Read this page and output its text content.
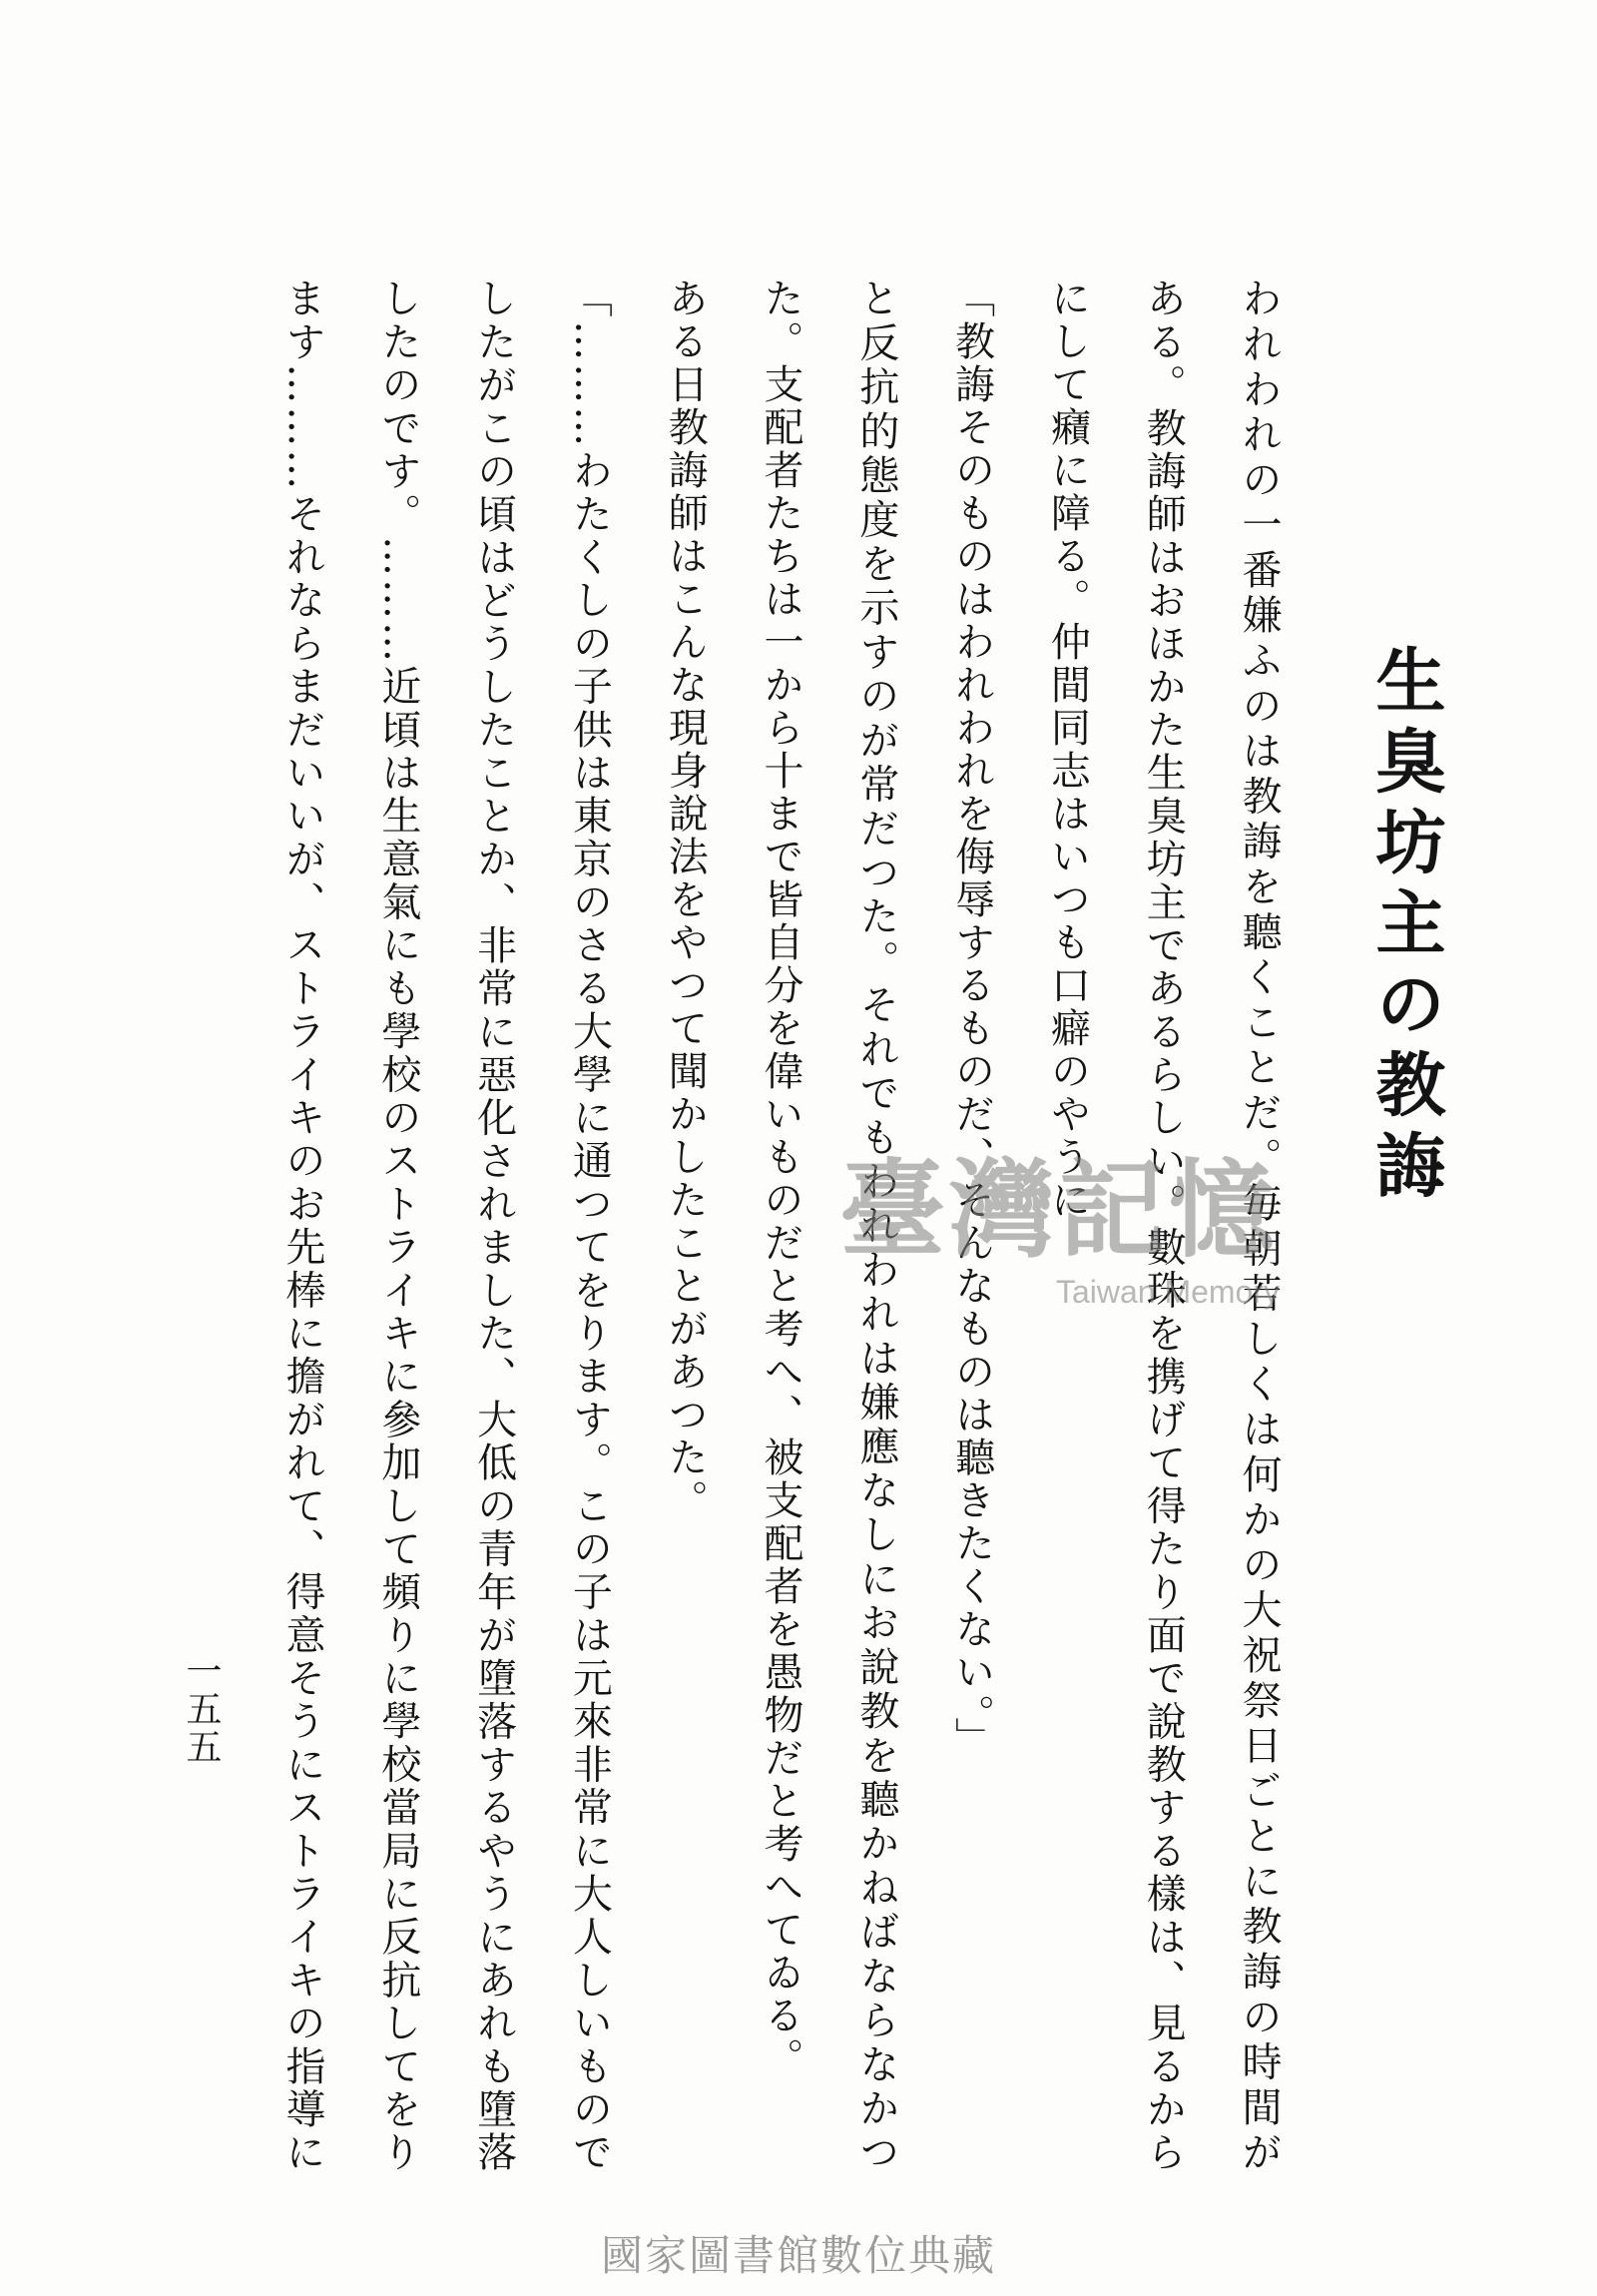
生臭坊主の教誨
われわれの一番嫌ふのは教誨を聽くことだ。毎朝若しくは何かの大祝祭日ごとに教誨の時間が
ある。教誨師はおほかた生臭坊主であるらしい。數珠を携げて得たり面で說教する樣は、見るから
にして癪に障る。仲間同志はいつも口癖のやうに
「教誨そのものはわれわれを侮辱するものだ、そんなものは聽きたくない。」
と反抗的態度を示すのが常だつた。それでもわれわれは嫌應なしにお說教を聽かねばならなかつ
た。支配者たちは一から十まで皆自分を偉いものだと考へ、被支配者を愚物だと考へてゐる。
ある日教誨師はこんな現身說法をやつて聞かしたことがあつた。
「………わたくしの子供は東京のさる大學に通つてをります。この子は元來非常に大人しいもので
したがこの頃はどうしたことか、非常に惡化されました、大低の青年が墮落するやうにあれも墮落
したのです。………近頃は生意氣にも學校のストライキに參加して頻りに學校當局に反抗してをり
ます………それならまだいいが、ストライキのお先棒に擔がれて、得意そうにストライキの指導に
一五五
臺灣記憶
Taiwan Memory
國家圖書館數位典藏
